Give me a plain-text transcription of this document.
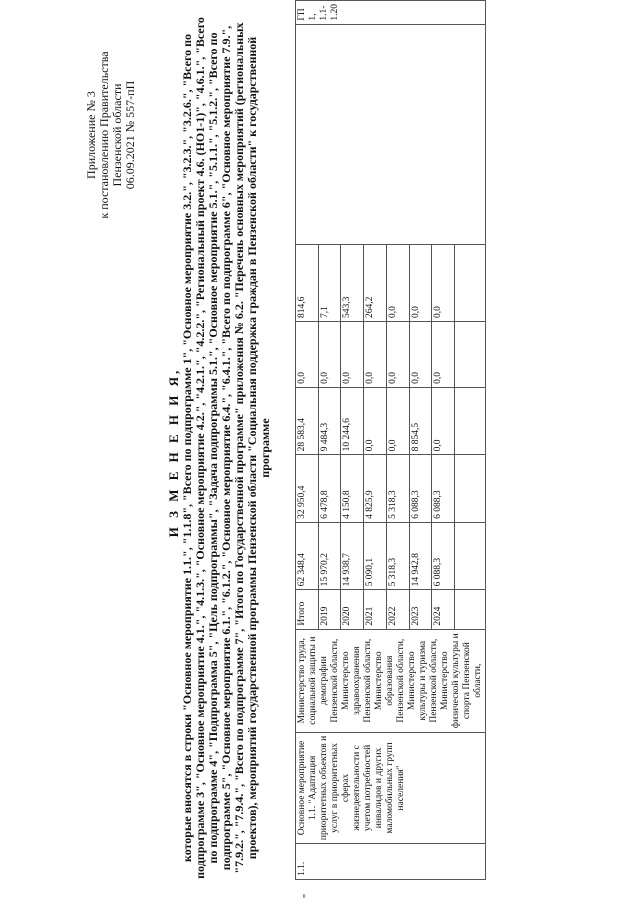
Приложение № 3 к постановлению Правительства Пензенской области 06.09.2021 № 557-пП
И З М Е Н Е Н И Я, которые вносятся в строки "Основное мероприятие 1.1.", "1.1.8", "Всего по подпрограмме 1", "Основное мероприятие 3.2.", "3.2.3.", "3.2.6.", "Всего по подпрограмме 3", "Основное мероприятие 4.1.", "4.1.3.", "Основное мероприятие 4.2.", "4.2.1.", "4.2.2.", "Региональный проект 4.6. (НО1-1)", "4.6.1.", "Всего по подпрограмме 4", "Подпрограмма 5", "Цель подпрограммы", "Задача подпрограммы 5.1.", "Основное мероприятие 5.1.", "5.1.1.", "5.1.2.", "Всего по подпрограмме 5", "Основное мероприятие 6.1.", "6.1.2.", "Основное мероприятие 6.4.", "6.4.1.", "Всего по подпрограмме 6", "Основное мероприятие 7.9.", "7.9.2.", "7.9.4.", "Всего по подпрограмме 7", "Итого по Государственной программе" приложения № 6.2. "Перечень основных мероприятий (региональных проектов), мероприятий государственной программы Пензенской области "Социальная поддержка граждан в Пензенской области" к государственной программе
"
1.1.	Основное мероприятие 1.1. "Адаптация приоритетных объектов и услуг в приоритетных сферах жизнедеятельности с учетом потребностей инвалидов и других маломобильных групп населения"	Министерство труда, социальной защиты и демографии Пензенской области, Министерство здравоохранения Пензенской области, Министерство образования Пензенской области, Министерство культуры и туризма Пензенской области, Министерство физической культуры и спорта Пензенской области,	Итого	62 348,4	32 950,4	28 583,4	0,0	814,6		ГП 1, 1.1-1.20
			2019	15 970,2	6 478,8	9 484,3	0,0	7,1		
			2020	14 938,7	4 150,8	10 244,6	0,0	543,3		
			2021	5 090,1	4 825,9	0,0	0,0	264,2		
			2022	5 318,3	5 318,3	0,0	0,0	0,0		
			2023	14 942,8	6 088,3	8 854,5	0,0	0,0		
			2024	6 088,3	6 088,3	0,0	0,0	0,0		
